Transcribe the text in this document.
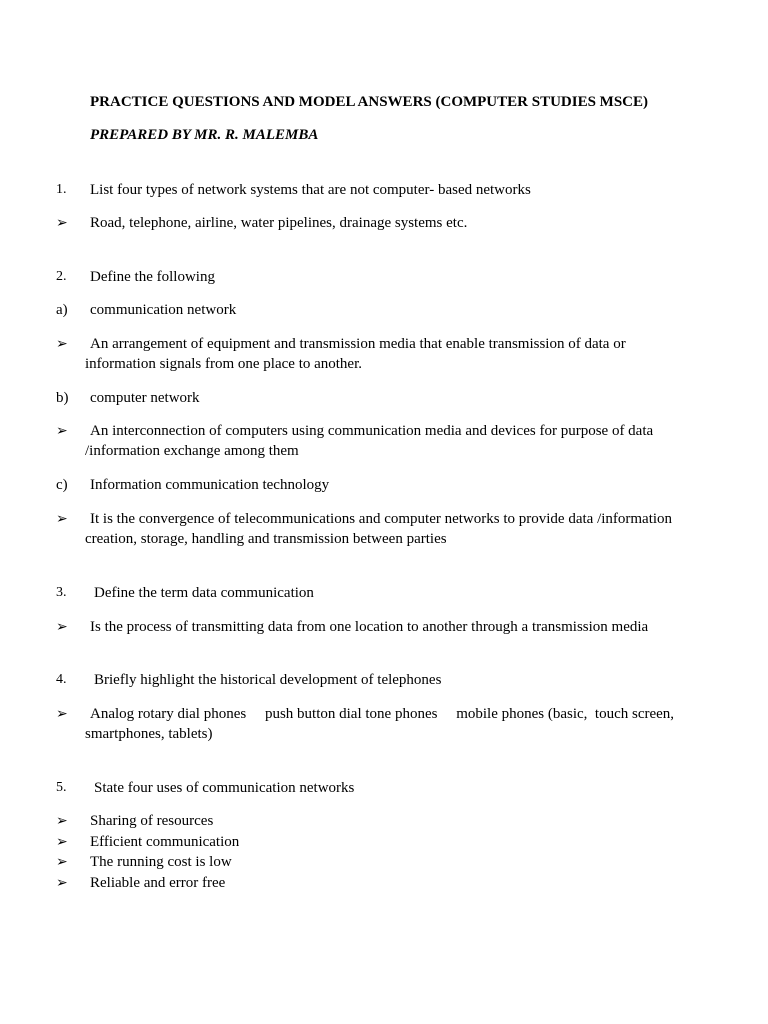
PRACTICE QUESTIONS AND MODEL ANSWERS (COMPUTER STUDIES MSCE)
PREPARED BY MR. R. MALEMBA
1. List four types of network systems that are not computer- based networks
➢ Road, telephone, airline, water pipelines, drainage systems etc.
2. Define the following
a) communication network
➢	An arrangement of equipment and transmission media that enable transmission of data or information signals from one place to another.
b) computer network
➢	An interconnection of computers using communication media and devices for purpose of data /information exchange among them
c) Information communication technology
➢	It is the convergence of telecommunications and computer networks to provide data /information creation, storage, handling and transmission between parties
3. Define the term data communication
➢ Is the process of transmitting data from one location to another through a transmission media
4. Briefly highlight the historical development of telephones
➢	Analog rotary dial phones     push button dial tone phones     mobile phones (basic,  touch screen, smartphones, tablets)
5. State four uses of communication networks
➢ Sharing of resources
➢ Efficient communication
➢ The running cost is low
➢ Reliable and error free
